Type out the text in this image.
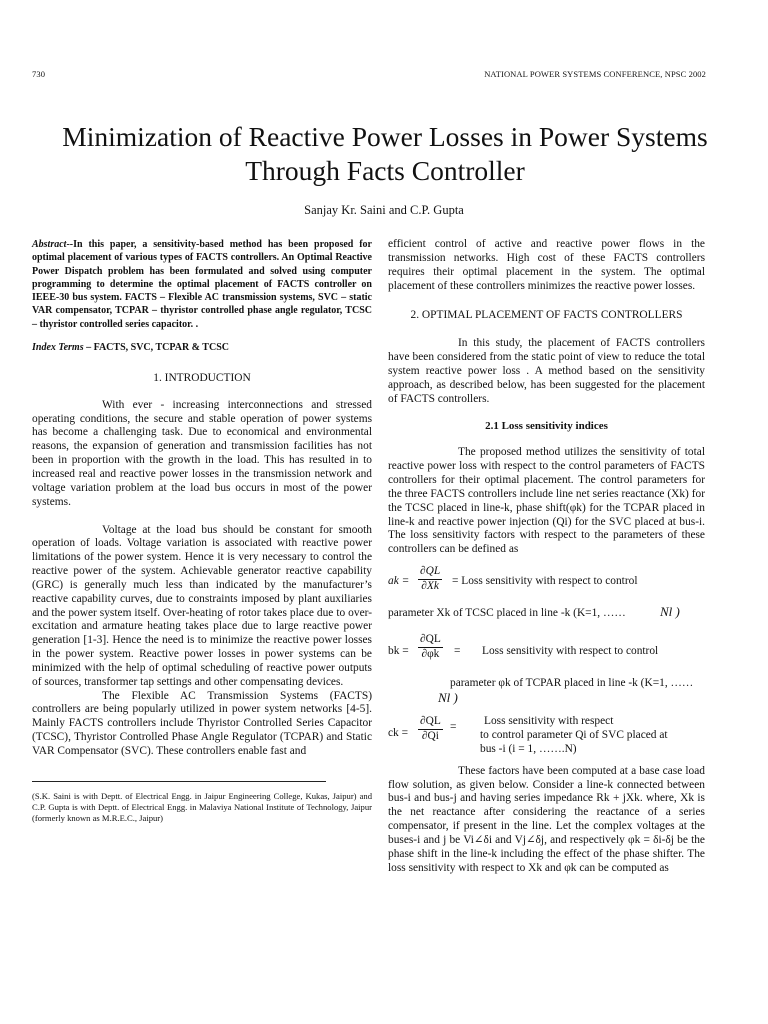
730	NATIONAL POWER SYSTEMS CONFERENCE, NPSC 2002
Minimization of Reactive Power Losses in Power Systems Through Facts Controller
Sanjay Kr. Saini and C.P. Gupta

Abstract--In this paper, a sensitivity-based method has been proposed for optimal placement of various types of FACTS controllers. An Optimal Reactive Power Dispatch problem has been formulated and solved using computer programming to determine the optimal placement of FACTS controller on IEEE-30 bus system. FACTS – Flexible AC transmission systems, SVC – static VAR compensator, TCPAR – thyristor controlled phase angle regulator, TCSC – thyristor controlled series capacitor. .

Index Terms – FACTS, SVC, TCPAR & TCSC

1. INTRODUCTION

With ever - increasing interconnections and stressed operating conditions, the secure and stable operation of power systems has become a challenging task. Due to economical and environmental reasons, the expansion of generation and transmission facilities has not been in proportion with the growth in the load. This has resulted in to increased real and reactive power losses in the transmission network and voltage variation problem at the load bus occurs in most of the power systems.

Voltage at the load bus should be constant for smooth operation of loads. Voltage variation is associated with reactive power limitations of the power system. Hence it is very necessary to control the reactive power of the system. Achievable generator reactive capability (GRC) is generally much less than indicated by the manufacturer’s reactive capability curves, due to constraints imposed by plant auxiliaries and the power system itself. Over-heating of rotor takes place due to over-excitation and armature heating takes place due to large reactive power generation [1-3]. Hence the need is to minimize the reactive power losses in the power system. Reactive power losses in power systems can be minimized with the help of optimal scheduling of reactive power outputs of sources, transformer tap settings and other compensating devices.

The Flexible AC Transmission Systems (FACTS) controllers are being popularly utilized in power system networks [4-5]. Mainly FACTS controllers include Thyristor Controlled Series Capacitor (TCSC), Thyristor Controlled Phase Angle Regulator (TCPAR) and Static VAR Compensator (SVC). These controllers enable fast and

(S.K. Saini is with Deptt. of Electrical Engg. in Jaipur Engineering College, Kukas, Jaipur) and C.P. Gupta is with Deptt. of Electrical Engg. in Malaviya National Institute of Technology, Jaipur (formerly known as M.R.E.C., Jaipur)

efficient control of active and reactive power flows in the transmission networks. High cost of these FACTS controllers requires their optimal placement in the system. The optimal placement of these controllers minimizes the reactive power losses.

2. OPTIMAL PLACEMENT OF FACTS CONTROLLERS

In this study, the placement of FACTS controllers have been considered from the static point of view to reduce the total system reactive power loss . A method based on the sensitivity approach, as described below, has been suggested for the placement of FACTS controllers.

2.1 Loss sensitivity indices

The proposed method utilizes the sensitivity of total reactive power loss with respect to the control parameters of FACTS controllers for their optimal placement. The control parameters for the three FACTS controllers include line net series reactance (Xk) for the TCSC placed in line-k, phase shift(φk) for the TCPAR placed in line-k and reactive power injection (Qi) for the SVC placed at bus-i. The loss sensitivity factors with respect to the parameters of these controllers can be defined as

ak = $\frac{\partial QL}{\partial Xk}$ = Loss sensitivity with respect to control
parameter Xk of TCSC placed in line -k (K=1, ……	Nl )
bk = $\frac{\partial QL}{\partial\varphi k}$ = Loss sensitivity with respect to control
parameter φk of TCPAR placed in line -k (K=1, ……
Nl )
ck = $\frac{\partial QL}{\partial Qi}$ = Loss sensitivity with respect
to control parameter Qi of SVC placed at
bus -i (i = 1, …….N)

These factors have been computed at a base case load flow solution, as given below. Consider a line-k connected between bus-i and bus-j and having series impedance Rk + jXk. where, Xk is the net reactance after considering the reactance of a series compensator, if present in the line. Let the complex voltages at the buses-i and j be Vi∠δi and Vj∠δj, and respectively φk = δi-δj be the phase shift in the line-k including the effect of the phase shifter. The loss sensitivity with respect to Xk and φk can be computed as
